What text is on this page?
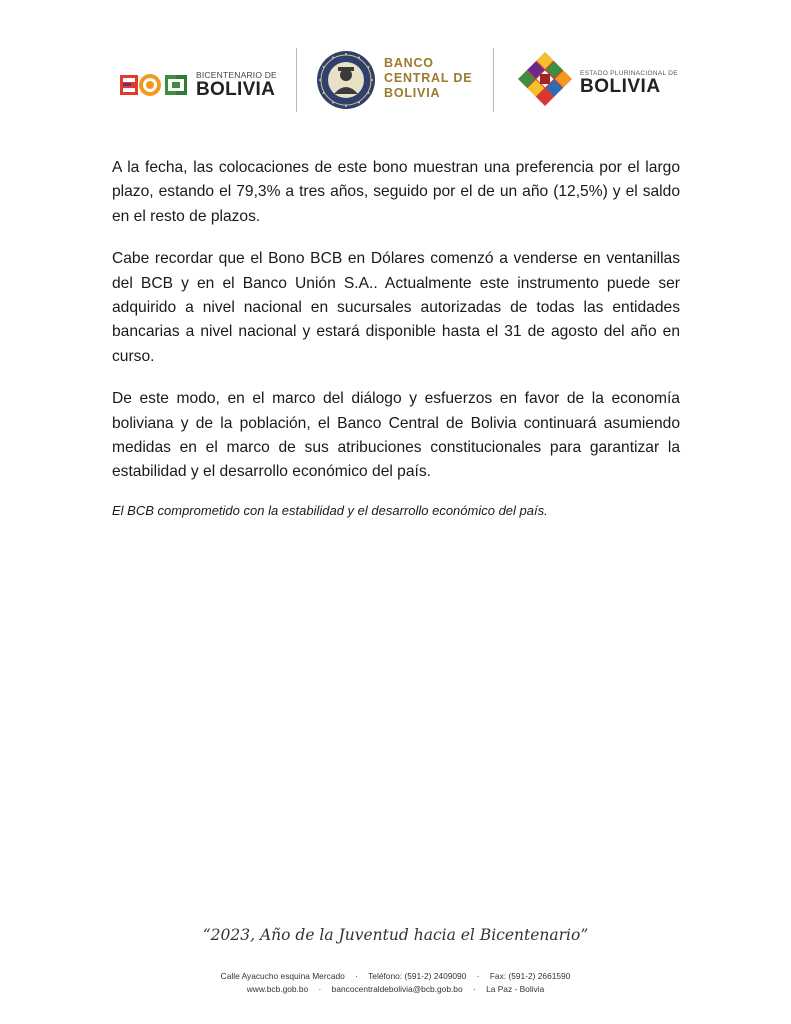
BICENTENARIO DE
BOLIVIA
BANCO
CENTRAL DE
BOLIVIA
ESTADO PLURINACIONAL DE
BOLIVIA

A la fecha, las colocaciones de este bono muestran una preferencia por el largo plazo, estando el 79,3% a tres años, seguido por el de un año (12,5%) y el saldo en el resto de plazos.

Cabe recordar que el Bono BCB en Dólares comenzó a venderse en ventanillas del BCB y en el Banco Unión S.A.. Actualmente este instrumento puede ser adquirido a nivel nacional en sucursales autorizadas de todas las entidades bancarias a nivel nacional y estará disponible hasta el 31 de agosto del año en curso.

De este modo, en el marco del diálogo y esfuerzos en favor de la economía boliviana y de la población, el Banco Central de Bolivia continuará asumiendo medidas en el marco de sus atribuciones constitucionales para garantizar la estabilidad y el desarrollo económico del país.

El BCB comprometido con la estabilidad y el desarrollo económico del país.
“2023, Año de la Juventud hacia el Bicentenario”
Calle Ayacucho esquina Mercado · Teléfono: (591-2) 2409090 · Fax: (591-2) 2661590
www.bcb.gob.bo · bancocentraldebolivia@bcb.gob.bo · La Paz - Bolivia
